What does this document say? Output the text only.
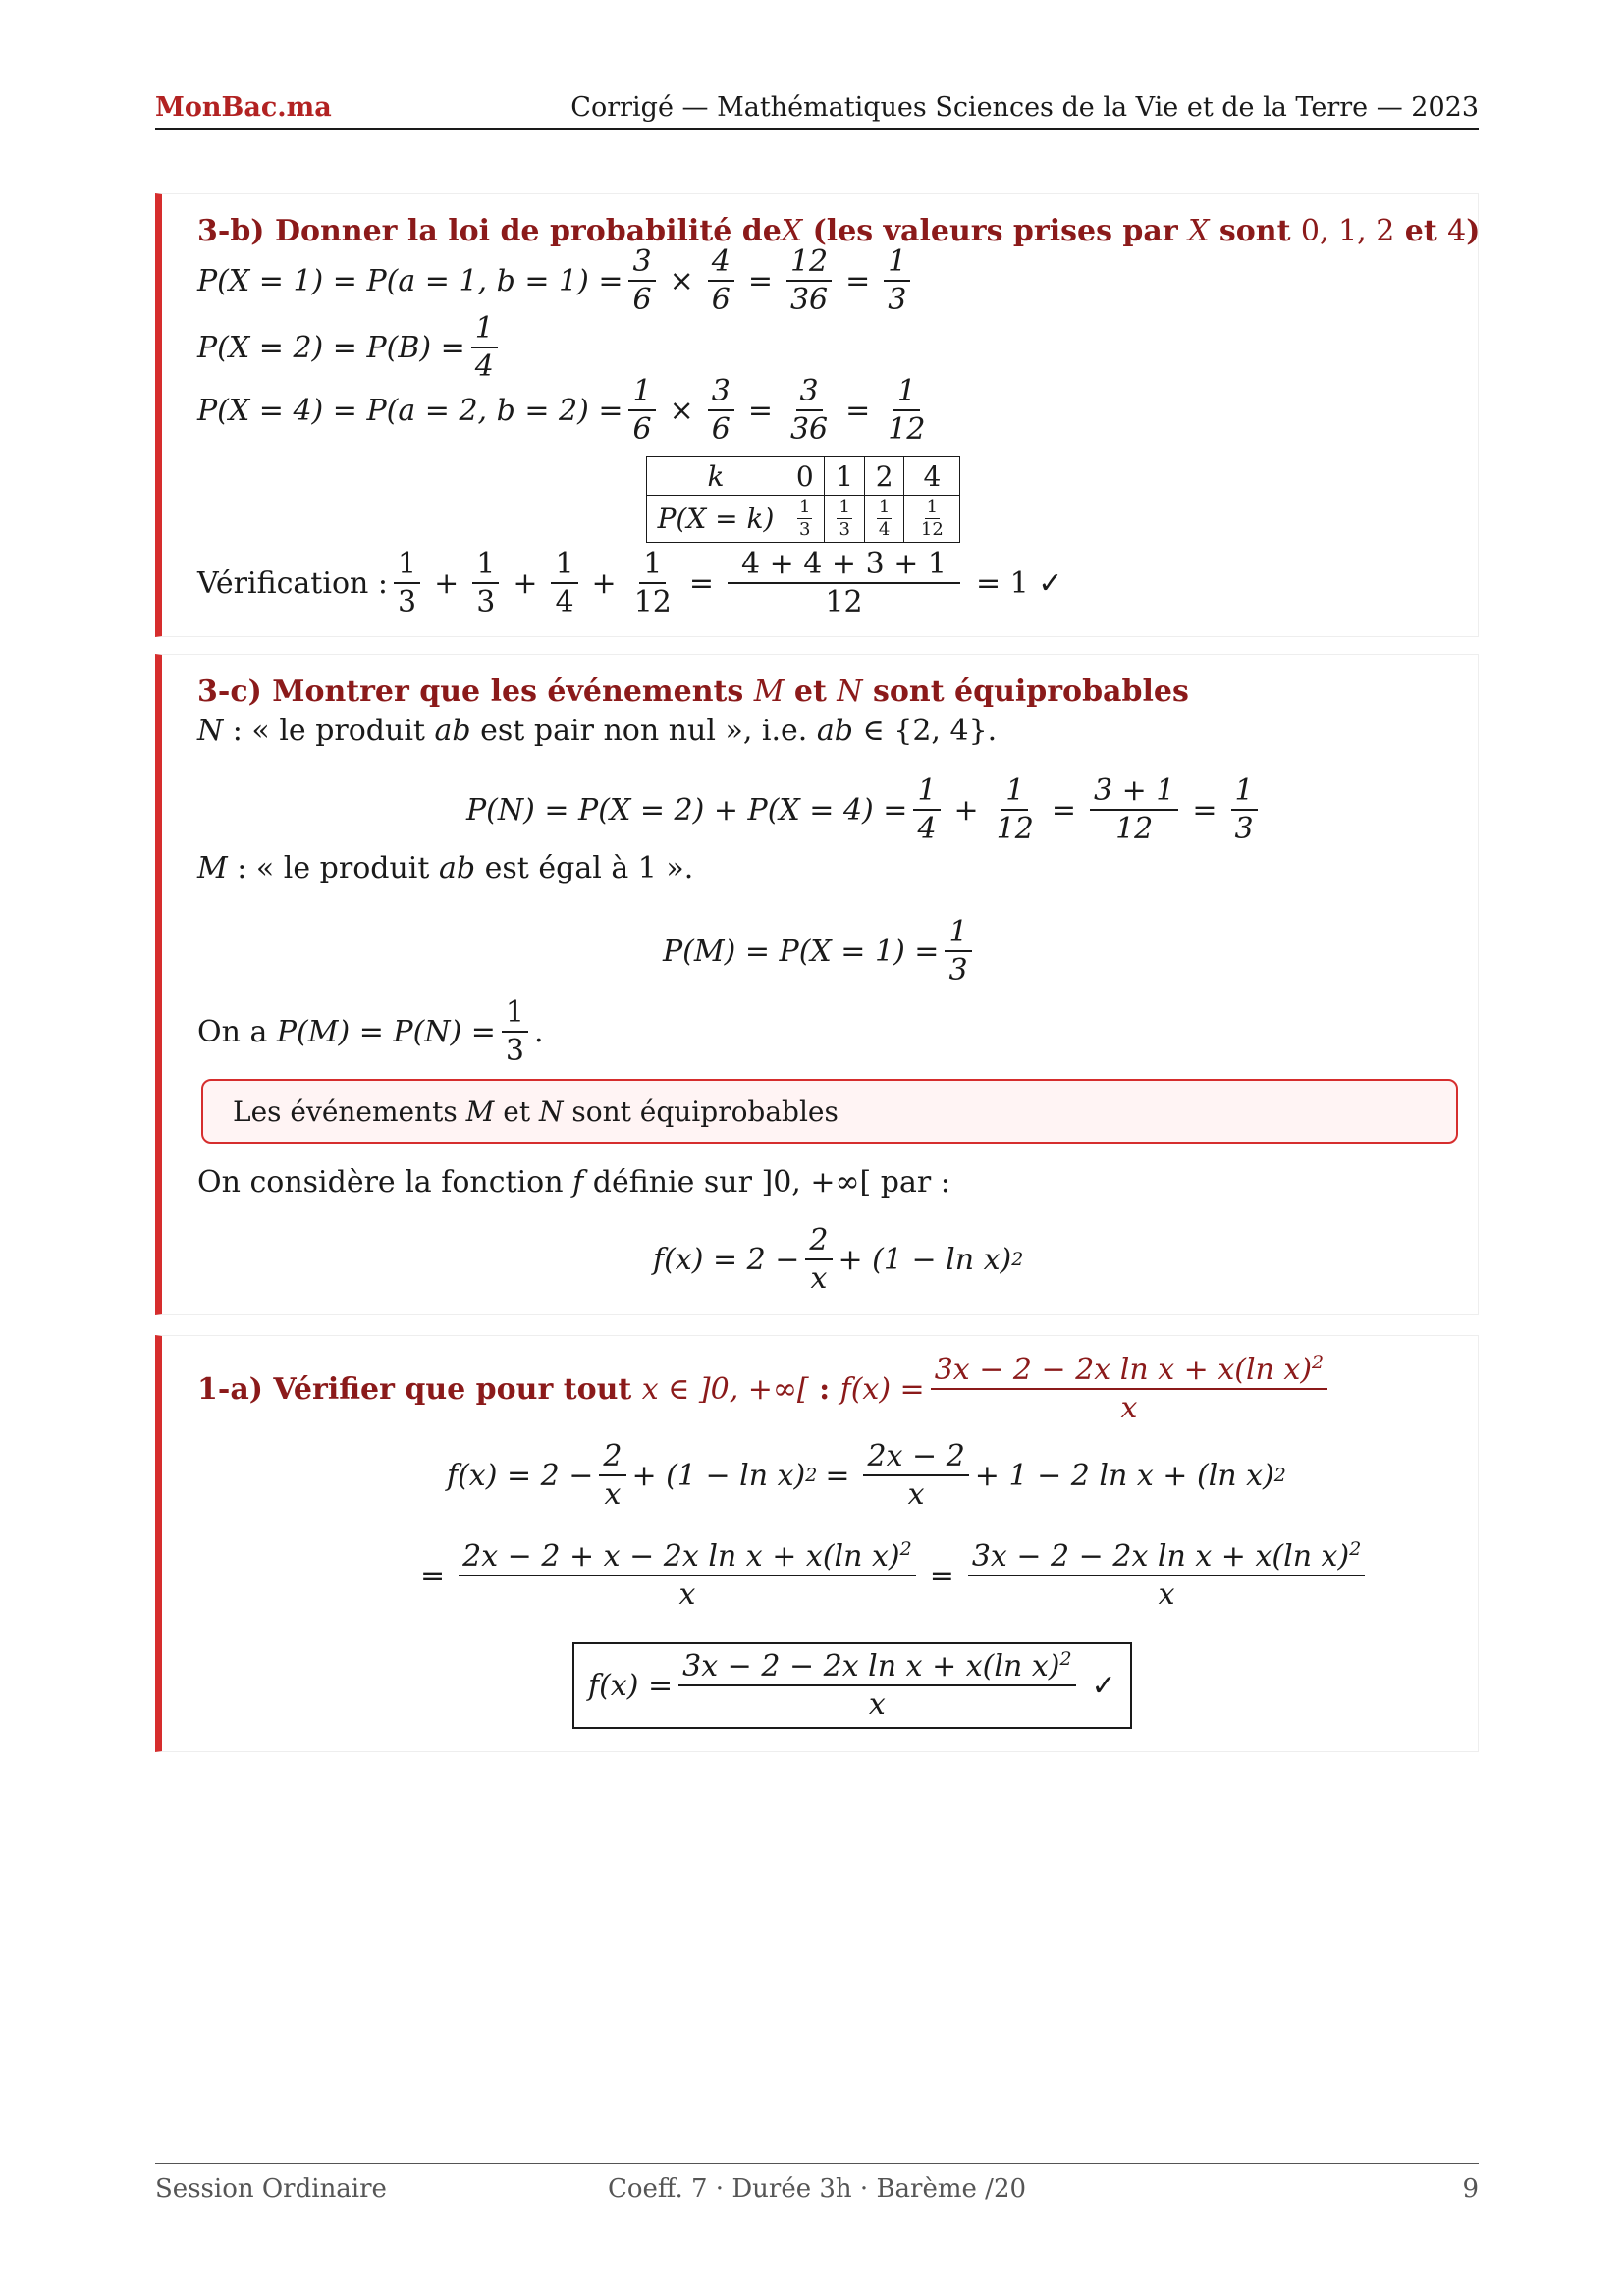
MonBac.ma	Corrigé — Mathématiques Sciences de la Vie et de la Terre — 2023
3-b) Donner la loi de probabilité de X (les valeurs prises par X sont 0, 1, 2 et 4 )
P(X = 1) = P(a = 1, $b = 1) = \frac{3}{6} \times \frac{4}{6} = \frac{12}{36} = \frac{1}{3}$
$P(X = 2) = P(B) = \frac{1}{4}$
P(X = 4) = P(a = 2, $b = 2) = \frac{1}{6} \times \frac{3}{6} = \frac{3}{36} = \frac{1}{12}$
k	0	1	2	4
P(X = k)	$\frac{1}{3}$	$\frac{1}{3}$	$\frac{1}{4}$	$\frac{1}{12}$
Vérification : $\frac{1}{3} + \frac{1}{3} + \frac{1}{4} + \frac{1}{12} = \frac{4 + 4 + 3 + 1}{12} = 1$ ✓
3-c) Montrer que les événements M et N sont équiprobables
N : « le produit ab est pair non nul », i.e. ab ∈ {2, 4}.
$P(N) = P(X = 2) + P(X = 4) = \frac{1}{4} + \frac{1}{12} = \frac{3 + 1}{12} = \frac{1}{3}$
M : « le produit ab est égal à 1 ».
$P(M) = P(X = 1) = \frac{1}{3}$
On a $P(M) = P(N) = \frac{1}{3}$ .
Les événements M et N sont équiprobables
On considère la fonction f définie sur ]0, +∞[ par :
$f(x) = 2 - \frac{2}{x} + (1 - \ln x)$ 2
1-a) Vérifier que pour tout x ∈ ]0, +∞[ : $f(x) = \frac{3x - 2 - 2x \ln x + x(\ln x)^2}{x}$
$f(x) = 2 - \frac{2}{x} + (1 - \ln x) 2 = \frac{2x - 2}{x} + 1 - 2$ ln x + (ln x) 2
= $\frac{2x - 2 + x - 2x \ln x + x(\ln x)^2}{x} = \frac{3x - 2 - 2x \ln x + x(\ln x)^2}{x}$
$f(x) = \frac{3x - 2 - 2x \ln x + x(\ln x)^2}{x}$ ✓
Session Ordinaire	Coeff. 7 · Durée 3h · Barème /20	9
